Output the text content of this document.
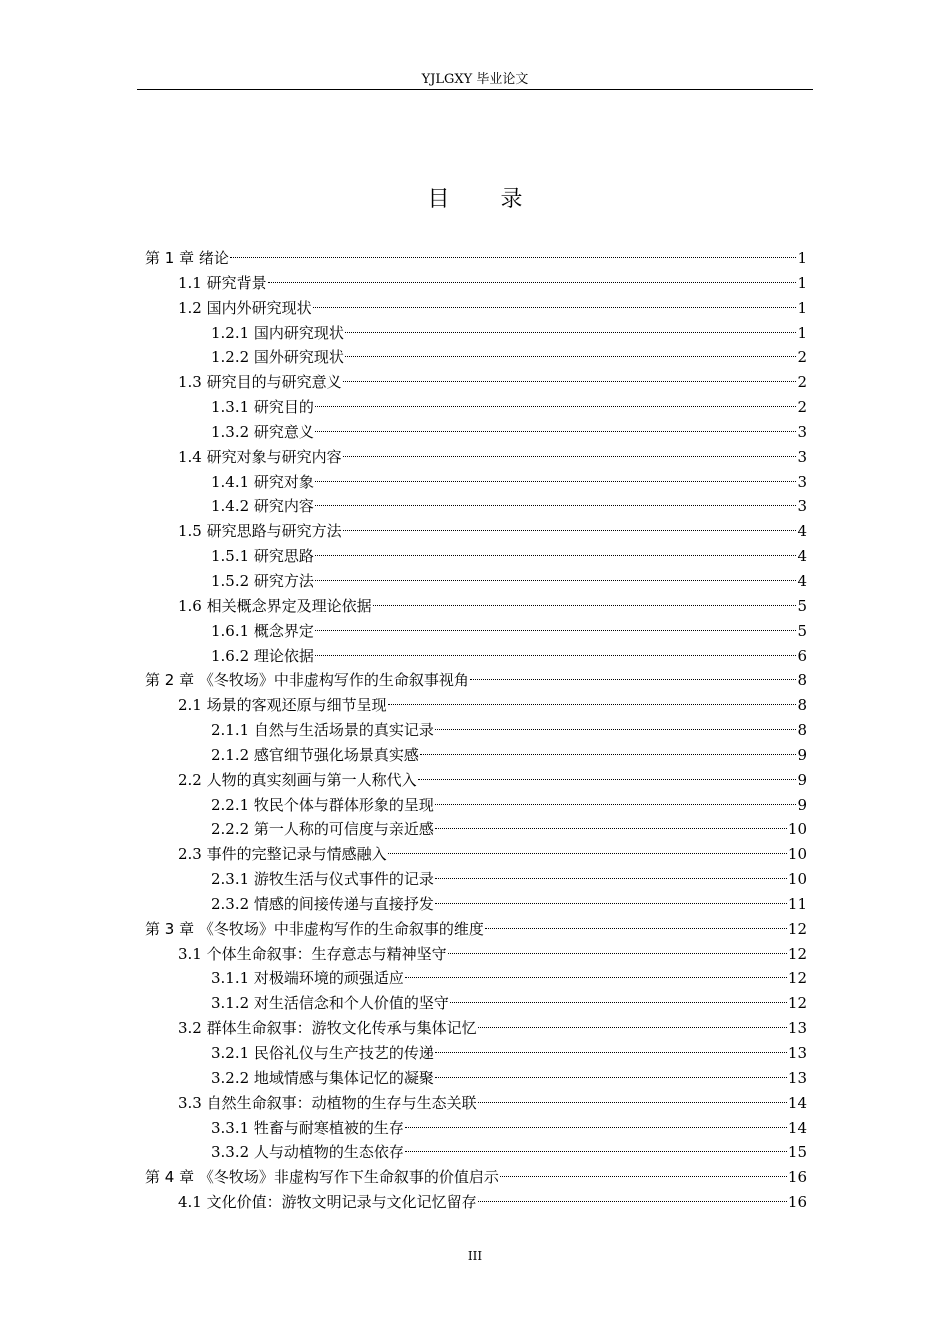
YJLGXY 毕业论文
目 录
第 1 章 绪论	1
1.1 研究背景	1
1.2 国内外研究现状	1
1.2.1 国内研究现状	1
1.2.2 国外研究现状	2
1.3 研究目的与研究意义	2
1.3.1 研究目的	2
1.3.2 研究意义	3
1.4 研究对象与研究内容	3
1.4.1 研究对象	3
1.4.2 研究内容	3
1.5 研究思路与研究方法	4
1.5.1 研究思路	4
1.5.2 研究方法	4
1.6 相关概念界定及理论依据	5
1.6.1 概念界定	5
1.6.2 理论依据	6
第 2 章 《冬牧场》中非虚构写作的生命叙事视角	8
2.1 场景的客观还原与细节呈现	8
2.1.1 自然与生活场景的真实记录	8
2.1.2 感官细节强化场景真实感	9
2.2 人物的真实刻画与第一人称代入	9
2.2.1 牧民个体与群体形象的呈现	9
2.2.2 第一人称的可信度与亲近感	10
2.3 事件的完整记录与情感融入	10
2.3.1 游牧生活与仪式事件的记录	10
2.3.2 情感的间接传递与直接抒发	11
第 3 章 《冬牧场》中非虚构写作的生命叙事的维度	12
3.1 个体生命叙事：生存意志与精神坚守	12
3.1.1 对极端环境的顽强适应	12
3.1.2 对生活信念和个人价值的坚守	12
3.2 群体生命叙事：游牧文化传承与集体记忆	13
3.2.1 民俗礼仪与生产技艺的传递	13
3.2.2 地域情感与集体记忆的凝聚	13
3.3 自然生命叙事：动植物的生存与生态关联	14
3.3.1 牲畜与耐寒植被的生存	14
3.3.2 人与动植物的生态依存	15
第 4 章 《冬牧场》非虚构写作下生命叙事的价值启示	16
4.1 文化价值：游牧文明记录与文化记忆留存	16
III
